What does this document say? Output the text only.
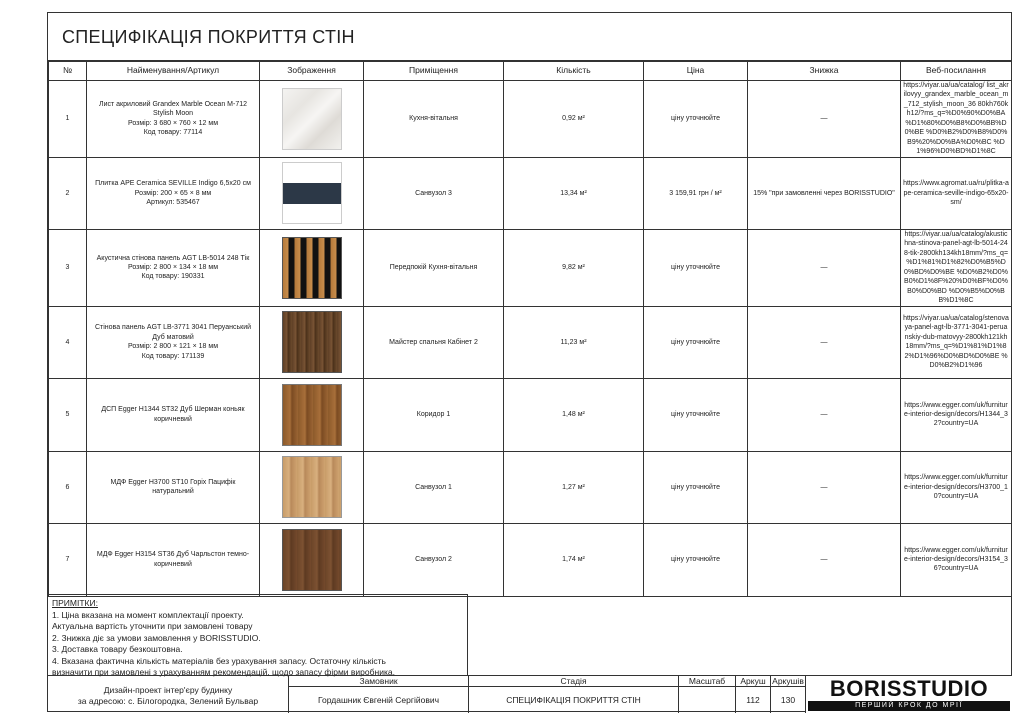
СПЕЦИФІКАЦІЯ ПОКРИТТЯ СТІН
№	Найменування/Артикул	Зображення	Приміщення	Кількість	Ціна	Знижка	Веб-посилання
1	Лист акриловий Grandex Marble Ocean M-712 Stylish Moon
Розмір: 3 680 × 760 × 12 мм
Код товару: 77114		Кухня-вітальня	0,92 м²	ціну уточнюйте	—	https://viyar.ua/ua/catalog/ list_akrilovyy_grandex_marble_ocean_m_712_stylish_moon_36 80kh760kh12/?ms_q=%D0%90%D0%BA %D1%80%D0%B8%D0%BB%D0%BE %D0%B2%D0%B8%D0%B9%20%D0%BA%D0%BC %D1%96%D0%BD%D1%8C
2	Плитка APE Ceramica SEVILLE Indigo 6,5х20 см
Розмір: 200 × 65 × 8 мм
Артикул: 535467		Санвузол 3	13,34 м²	3 159,91 грн / м²	15% "при замовленні через BORISSTUDIO"	https://www.agromat.ua/ru/plitka-ape-ceramica-seville-indigo-65x20-sm/
3	Акустична стінова панель AGT LB-5014 248 Тік
Розмір: 2 800 × 134 × 18 мм
Код товару: 190331		Передпокій Кухня-вітальня	9,82 м²	ціну уточнюйте	—	https://viyar.ua/ua/catalog/akustichna-stinova-panel-agt-lb-5014-248-tik-2800kh134kh18mm/?ms_q= %D1%81%D1%82%D0%B5%D0%BD%D0%BE %D0%B2%D0%B0%D1%8F%20%D0%BF%D0%B0%D0%BD %D0%B5%D0%BB%D1%8C
4	Стінова панель AGT LB-3771 3041 Перуанський Дуб матовий
Розмір: 2 800 × 121 × 18 мм
Код товару: 171139		Майстер спальня Кабінет 2	11,23 м²	ціну уточнюйте	—	https://viyar.ua/ua/catalog/stenovaya-panel-agt-lb-3771-3041-peruanskiy-dub-matovyy-2800kh121kh18mm/?ms_q=%D1%81%D1%82%D1%96%D0%BD%D0%BE %D0%B2%D1%96
5	ДСП Egger H1344 ST32 Дуб Шерман коньяк коричневий		Коридор 1	1,48 м²	ціну уточнюйте	—	https://www.egger.com/uk/furniture-interior-design/decors/H1344_32?country=UA
6	МДФ Egger H3700 ST10 Горіх Пацифік натуральний		Санвузол 1	1,27 м²	ціну уточнюйте	—	https://www.egger.com/uk/furniture-interior-design/decors/H3700_10?country=UA
7	МДФ Egger H3154 ST36 Дуб Чарльстон темно-коричневий		Санвузол 2	1,74 м²	ціну уточнюйте	—	https://www.egger.com/uk/furniture-interior-design/decors/H3154_36?country=UA
ПРИМІТКИ:
1. Ціна вказана на момент комплектації проекту.
Актуальна вартість уточнити при замовлені товару
2. Знижка діє за умови замовлення у BORISSTUDIO.
3. Доставка товару безкоштовна.
4. Вказана фактична кількість матеріалів без урахування запасу. Остаточну кількість
визначити при замовлені з урахуванням рекомендацій, щодо запасу фірми виробника.
Дизайн-проект інтер'єру будинку
за адресою: с. Білогородка, Зелений Бульвар
Замовник
Гордашник Євгеній Сергійович
Стадія
СПЕЦИФІКАЦІЯ ПОКРИТТЯ СТІН
Масштаб	Аркуш
112
Аркушів
130	BORISSTUDIO
ПЕРШИЙ КРОК ДО МРІЇ
